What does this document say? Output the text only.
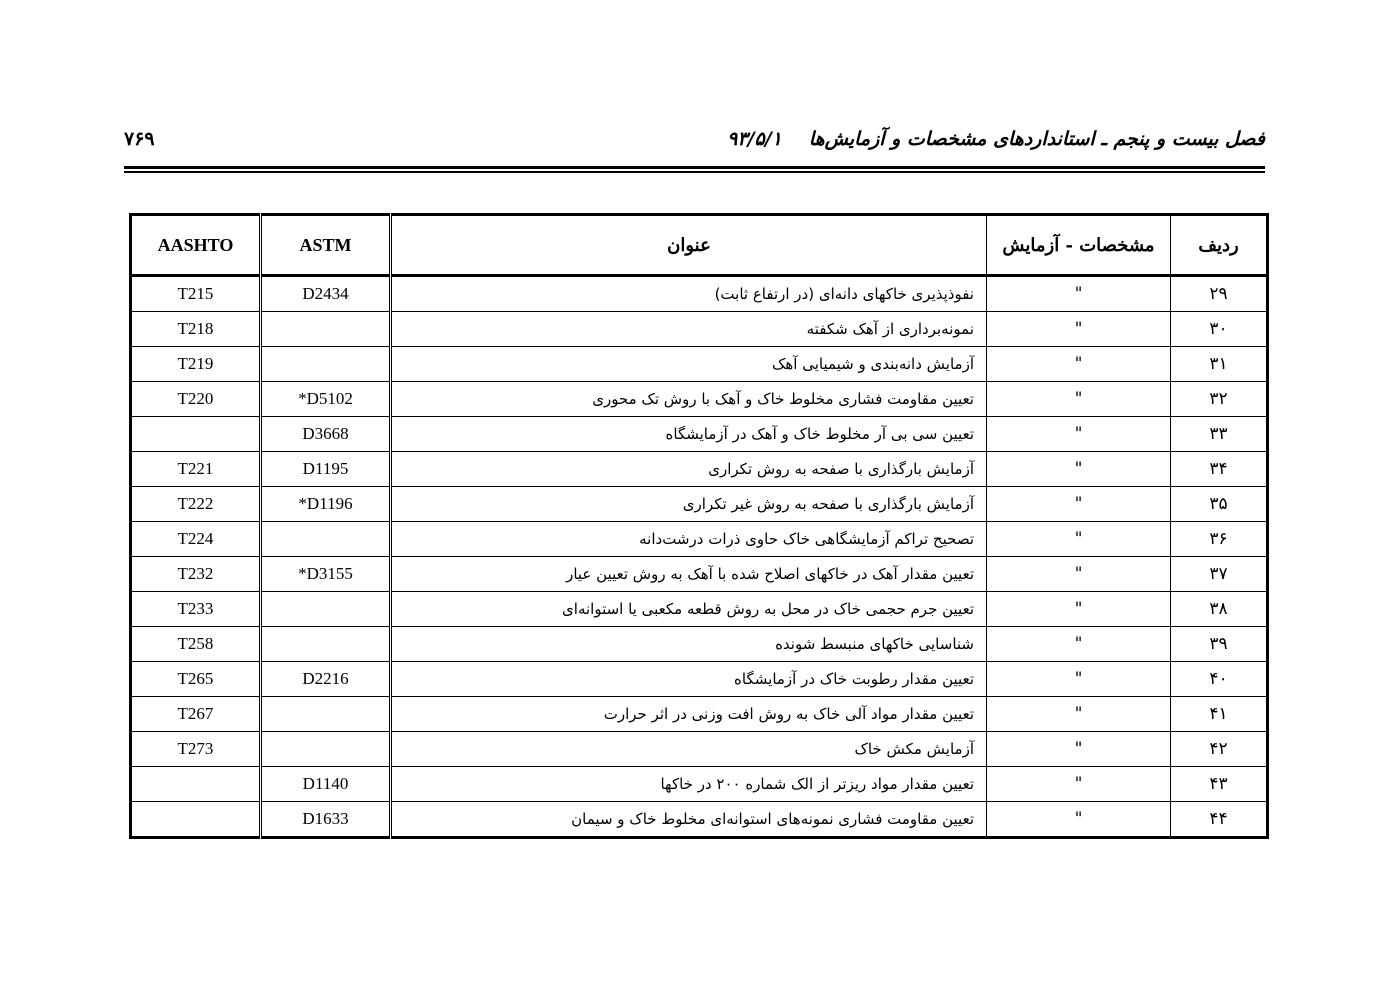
۷۶۹	۹۳/۵/۱	فصل بیست و پنجم ـ استانداردهای مشخصات و آزمایش‌ها
ردیف	مشخصات ‑ آزمایش	عنوان	ASTM	AASHTO
۲۹	"	نفوذپذیری خاکهای دانه‌ای (در ارتفاع ثابت)	D2434	T215
۳۰	"	نمونه‌برداری از آهک شکفته		T218
۳۱	"	آزمایش دانه‌بندی و شیمیایی آهک		T219
۳۲	"	تعیین مقاومت فشاری مخلوط خاک و آهک با روش تک محوری	D5102*	T220
۳۳	"	تعیین سی بی آر مخلوط خاک و آهک در آزمایشگاه	D3668	
۳۴	"	آزمایش بارگذاری با صفحه به روش تکراری	D1195	T221
۳۵	"	آزمایش بارگذاری با صفحه به روش غیر تکراری	D1196*	T222
۳۶	"	تصحیح تراکم آزمایشگاهی خاک حاوی ذرات درشت‌دانه		T224
۳۷	"	تعیین مقدار آهک در خاکهای اصلاح شده با آهک به روش تعیین عیار	D3155*	T232
۳۸	"	تعیین جرم حجمی خاک در محل به روش قطعه مکعبی یا استوانه‌ای		T233
۳۹	"	شناسایی خاکهای منبسط شونده		T258
۴۰	"	تعیین مقدار رطوبت خاک در آزمایشگاه	D2216	T265
۴۱	"	تعیین مقدار مواد آلی خاک به روش افت وزنی در اثر حرارت		T267
۴۲	"	آزمایش مکش خاک		T273
۴۳	"	تعیین مقدار مواد ریزتر از الک شماره ۲۰۰ در خاکها	D1140	
۴۴	"	تعیین مقاومت فشاری نمونه‌های استوانه‌ای مخلوط خاک و سیمان	D1633	
